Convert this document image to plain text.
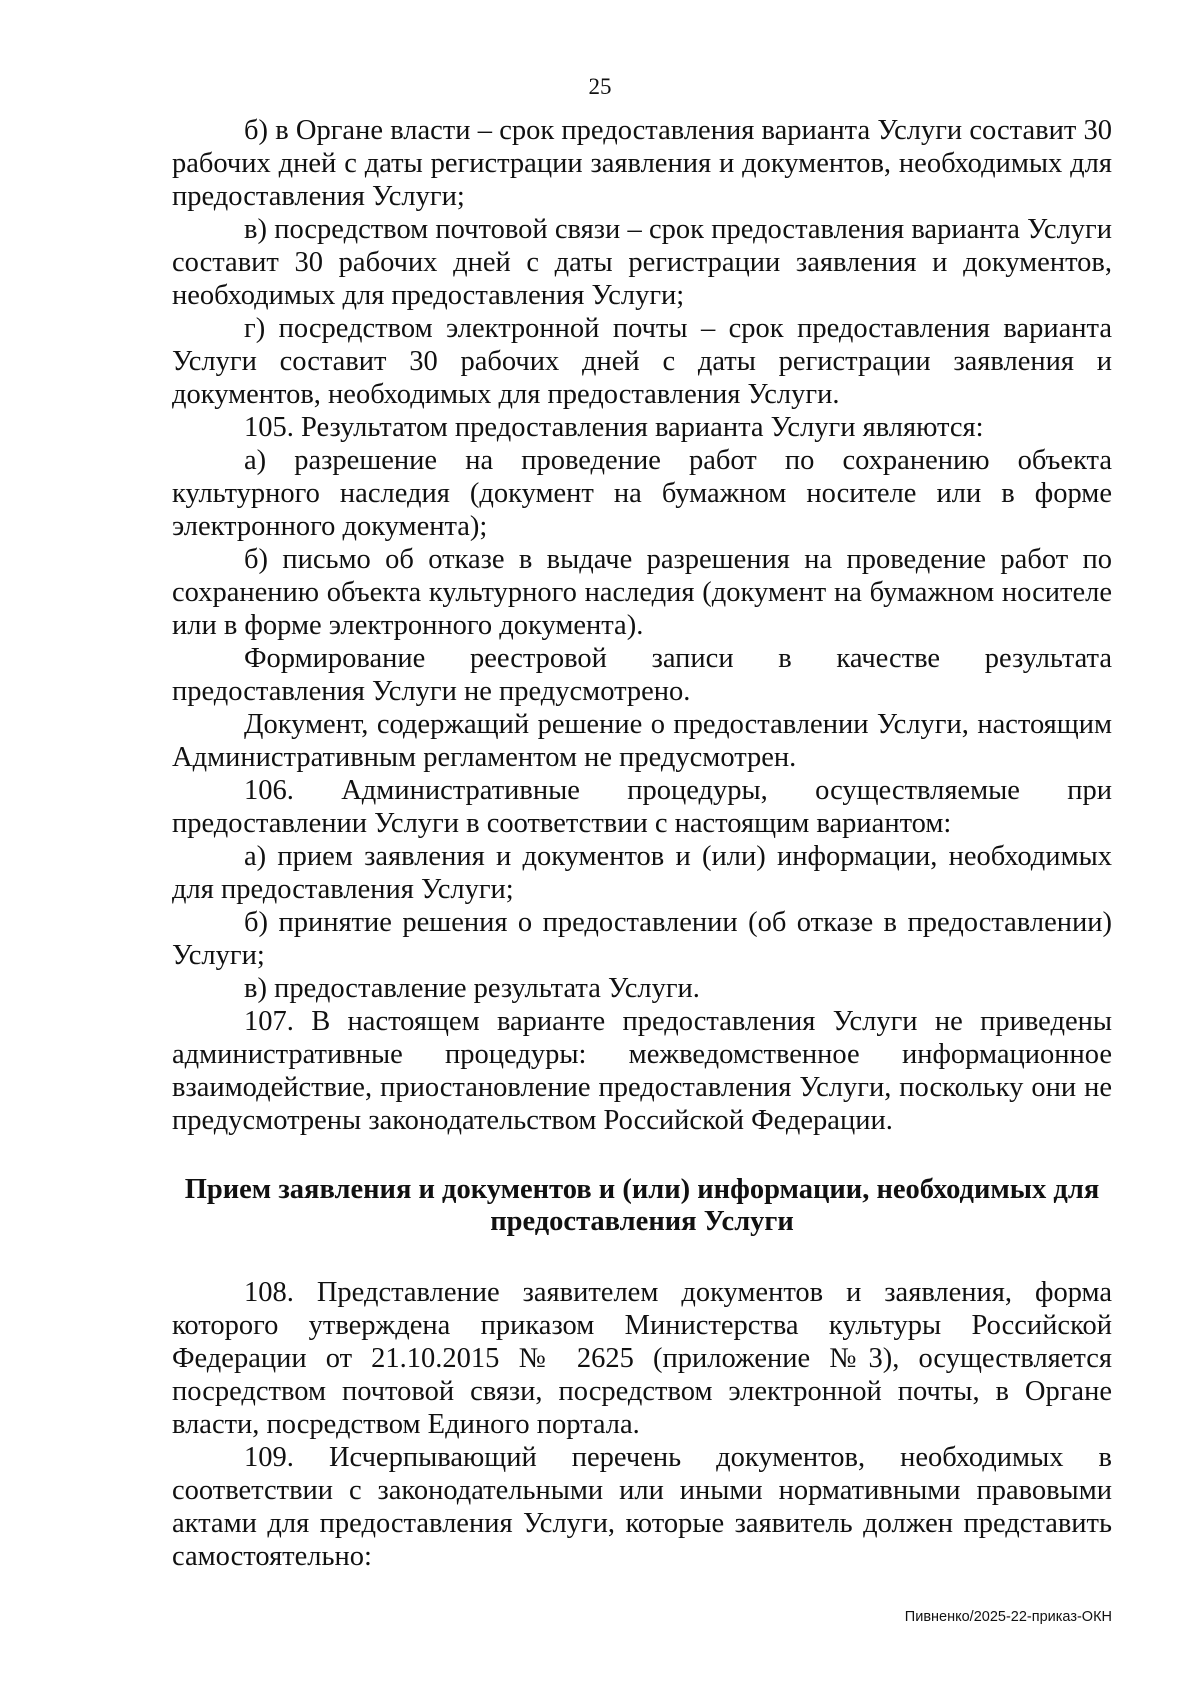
25

б) в Органе власти – срок предоставления варианта Услуги составит 30 рабочих дней с даты регистрации заявления и документов, необходимых для предоставления Услуги;

в) посредством почтовой связи – срок предоставления варианта Услуги составит 30 рабочих дней с даты регистрации заявления и документов, необходимых для предоставления Услуги;

г) посредством электронной почты – срок предоставления варианта Услуги составит 30 рабочих дней с даты регистрации заявления и документов, необходимых для предоставления Услуги.

105. Результатом предоставления варианта Услуги являются:

а) разрешение на проведение работ по сохранению объекта культурного наследия (документ на бумажном носителе или в форме электронного документа);

б) письмо об отказе в выдаче разрешения на проведение работ по сохранению объекта культурного наследия (документ на бумажном носителе или в форме электронного документа).

Формирование реестровой записи в качестве результата предоставления Услуги не предусмотрено.

Документ, содержащий решение о предоставлении Услуги, настоящим Административным регламентом не предусмотрен.

106. Административные процедуры, осуществляемые при предоставлении Услуги в соответствии с настоящим вариантом:

а) прием заявления и документов и (или) информации, необходимых для предоставления Услуги;

б) принятие решения о предоставлении (об отказе в предоставлении) Услуги;

в) предоставление результата Услуги.

107. В настоящем варианте предоставления Услуги не приведены административные процедуры: межведомственное информационное взаимодействие, приостановление предоставления Услуги, поскольку они не предусмотрены законодательством Российской Федерации.

Прием заявления и документов и (или) информации, необходимых для предоставления Услуги

108. Представление заявителем документов и заявления, форма которого утверждена приказом Министерства культуры Российской Федерации от 21.10.2015 № 2625 (приложение №3), осуществляется посредством почтовой связи, посредством электронной почты, в Органе власти, посредством Единого портала.

109. Исчерпывающий перечень документов, необходимых в соответствии с законодательными или иными нормативными правовыми актами для предоставления Услуги, которые заявитель должен представить самостоятельно:

Пивненко/2025-22-приказ-ОКН
